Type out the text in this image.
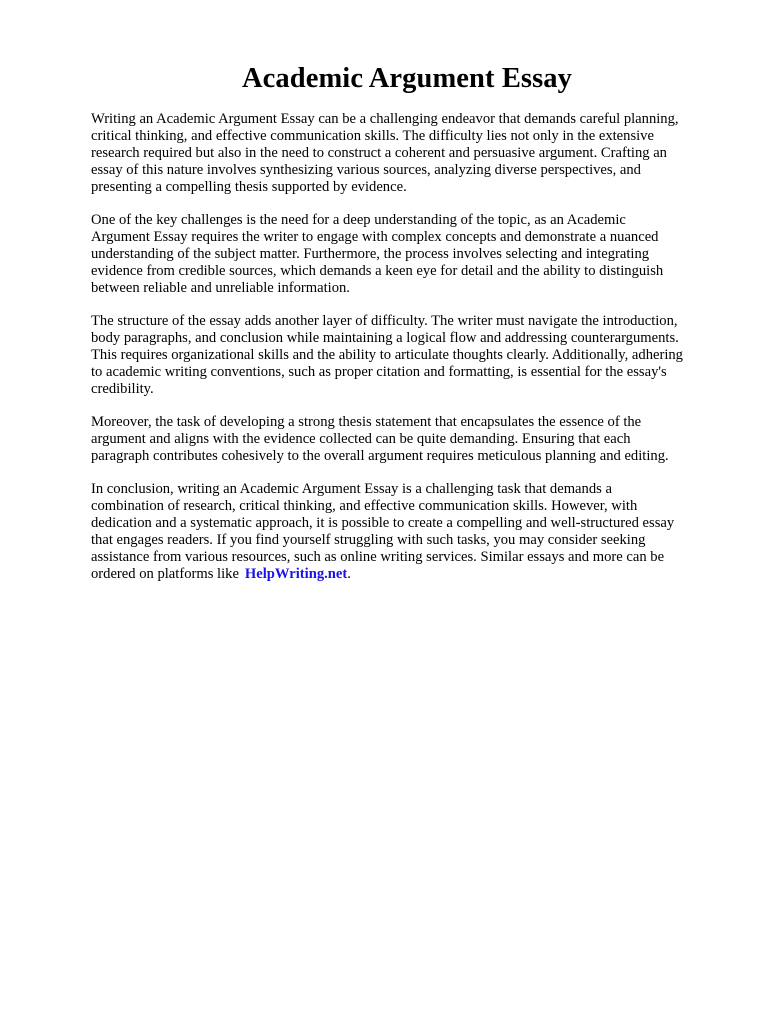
Academic Argument Essay

Writing an Academic Argument Essay can be a challenging endeavor that demands careful planning,
critical thinking, and effective communication skills. The difficulty lies not only in the extensive
research required but also in the need to construct a coherent and persuasive argument. Crafting an
essay of this nature involves synthesizing various sources, analyzing diverse perspectives, and
presenting a compelling thesis supported by evidence.

One of the key challenges is the need for a deep understanding of the topic, as an Academic
Argument Essay requires the writer to engage with complex concepts and demonstrate a nuanced
understanding of the subject matter. Furthermore, the process involves selecting and integrating
evidence from credible sources, which demands a keen eye for detail and the ability to distinguish
between reliable and unreliable information.

The structure of the essay adds another layer of difficulty. The writer must navigate the introduction,
body paragraphs, and conclusion while maintaining a logical flow and addressing counterarguments.
This requires organizational skills and the ability to articulate thoughts clearly. Additionally, adhering
to academic writing conventions, such as proper citation and formatting, is essential for the essay's
credibility.

Moreover, the task of developing a strong thesis statement that encapsulates the essence of the
argument and aligns with the evidence collected can be quite demanding. Ensuring that each
paragraph contributes cohesively to the overall argument requires meticulous planning and editing.

In conclusion, writing an Academic Argument Essay is a challenging task that demands a
combination of research, critical thinking, and effective communication skills. However, with
dedication and a systematic approach, it is possible to create a compelling and well-structured essay
that engages readers. If you find yourself struggling with such tasks, you may consider seeking
assistance from various resources, such as online writing services. Similar essays and more can be
ordered on platforms like HelpWriting.net.
